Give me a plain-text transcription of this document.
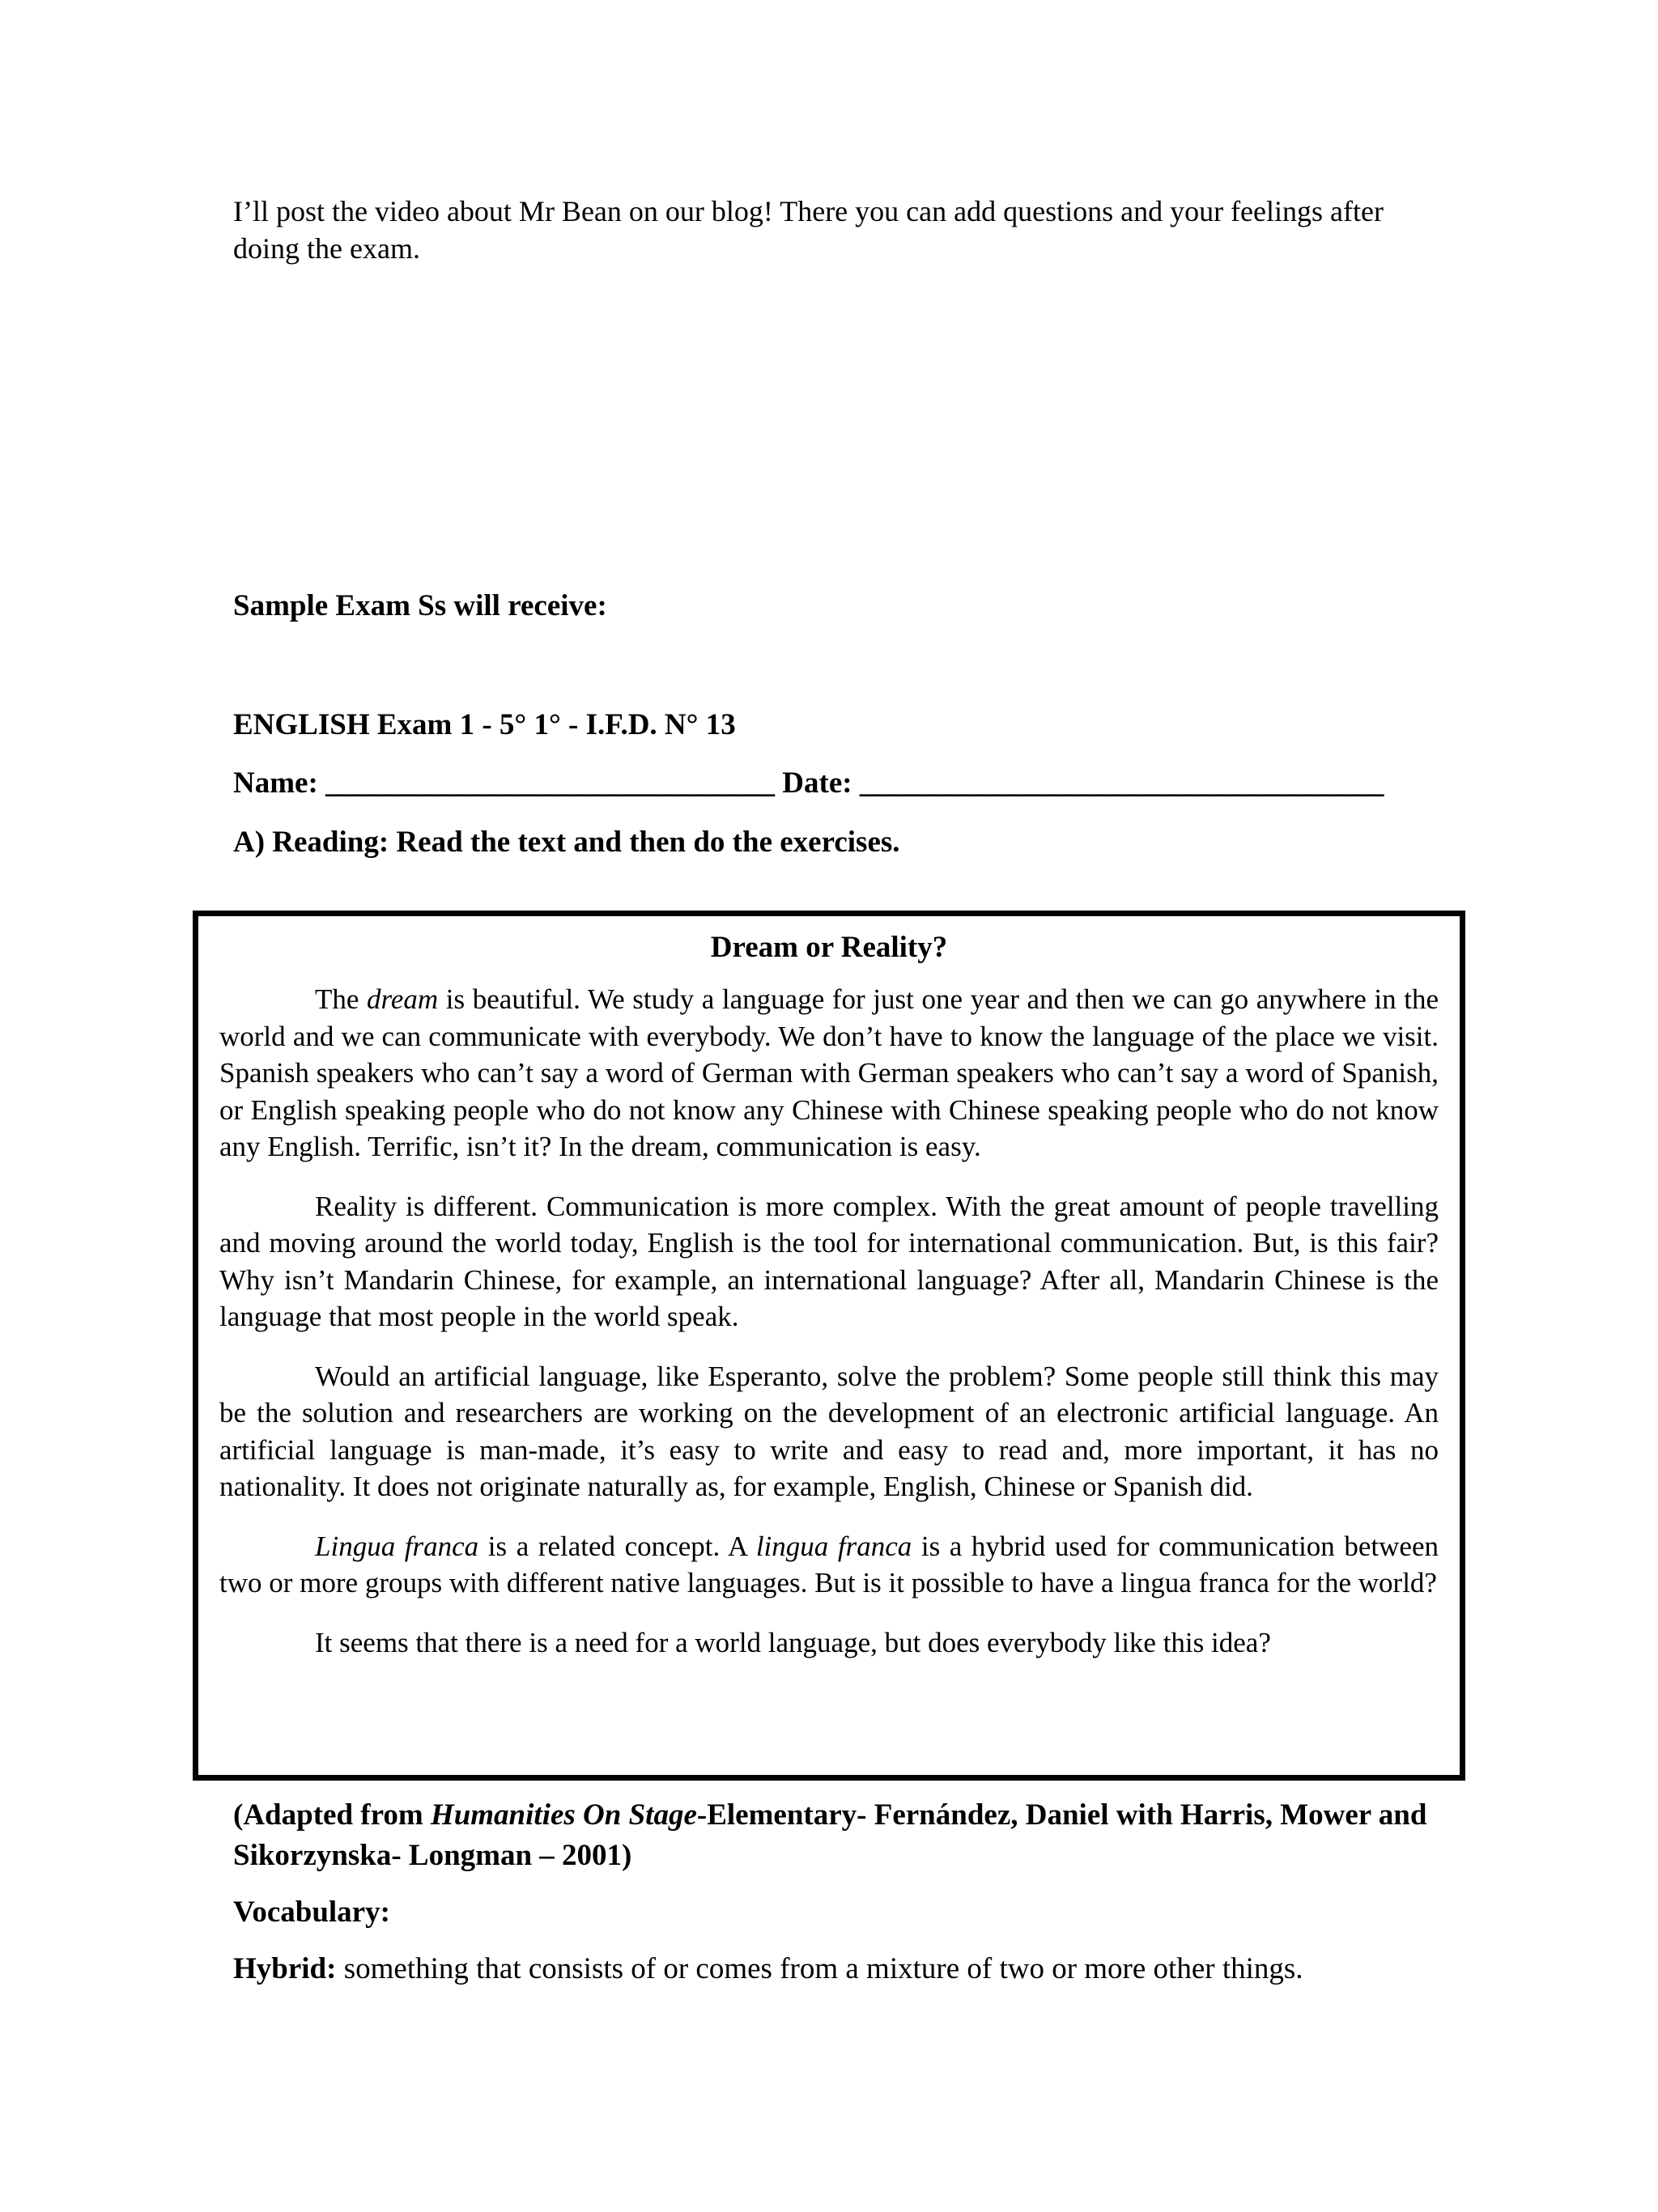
I’ll post the video about Mr Bean on our blog! There you can add questions and your feelings after doing the exam.
Sample Exam Ss will receive:
ENGLISH Exam 1 - 5° 1° - I.F.D. N° 13
Name: ______________________________ Date: ___________________________________
A) Reading: Read the text and then do the exercises.
Dream or Reality?

The dream is beautiful. We study a language for just one year and then we can go anywhere in the world and we can communicate with everybody. We don’t have to know the language of the place we visit. Spanish speakers who can’t say a word of German with German speakers who can’t say a word of Spanish, or English speaking people who do not know any Chinese with Chinese speaking people who do not know any English. Terrific, isn’t it? In the dream, communication is easy.

Reality is different. Communication is more complex. With the great amount of people travelling and moving around the world today, English is the tool for international communication. But, is this fair? Why isn’t Mandarin Chinese, for example, an international language? After all, Mandarin Chinese is the language that most people in the world speak.

Would an artificial language, like Esperanto, solve the problem? Some people still think this may be the solution and researchers are working on the development of an electronic artificial language. An artificial language is man-made, it’s easy to write and easy to read and, more important, it has no nationality. It does not originate naturally as, for example, English, Chinese or Spanish did.

Lingua franca is a related concept. A lingua franca is a hybrid used for communication between two or more groups with different native languages. But is it possible to have a lingua franca for the world?

It seems that there is a need for a world language, but does everybody like this idea?

(Adapted from Humanities On Stage-Elementary- Fernández, Daniel with Harris, Mower and Sikorzynska- Longman – 2001)
Vocabulary:
Hybrid: something that consists of or comes from a mixture of two or more other things.
